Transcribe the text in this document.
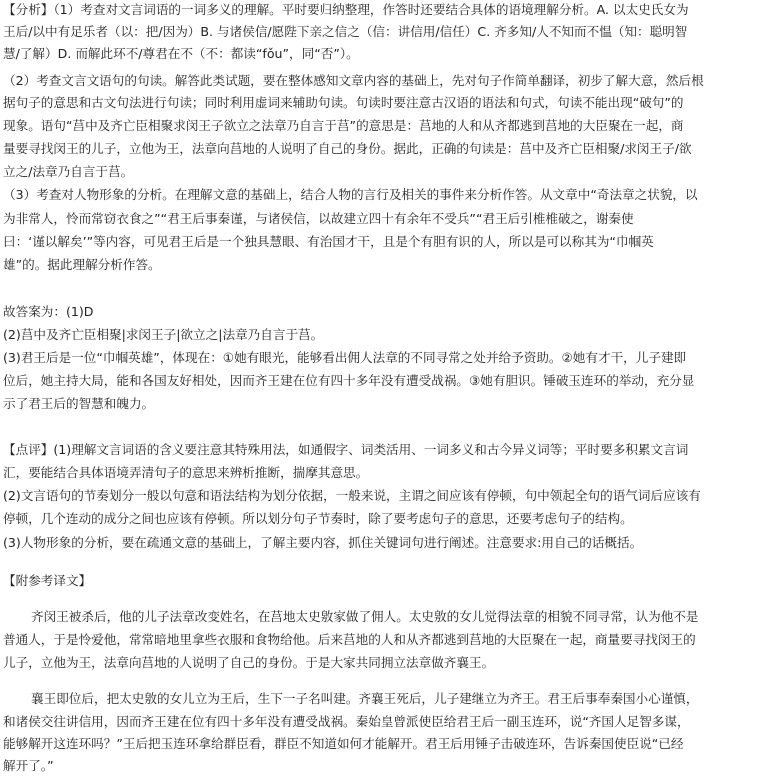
【分析】（1）考查对文言词语的一词多义的理解。平时要归纳整理，作答时还要结合具体的语境理解分析。A. 以太史氏女为
王后/以中有足乐者（以：把/因为）B. 与诸侯信/愿陛下亲之信之（信：讲信用/信任）C. 齐多知/人不知而不愠（知：聪明智
慧/了解）D. 而解此环不/尊君在不（不：都读“fǒu”，同“否”）。
（2）考查文言文语句的句读。解答此类试题，要在整体感知文章内容的基础上，先对句子作简单翻译，初步了解大意，然后根
据句子的意思和古文句法进行句读；同时利用虚词来辅助句读。句读时要注意古汉语的语法和句式，句读不能出现“破句”的
现象。语句“莒中及齐亡臣相聚求闵王子欲立之法章乃自言于莒”的意思是：莒地的人和从齐都逃到莒地的大臣聚在一起，商
量要寻找闵王的儿子，立他为王，法章向莒地的人说明了自己的身份。据此，正确的句读是：莒中及齐亡臣相聚/求闵王子/欲
立之/法章乃自言于莒。
（3）考查对人物形象的分析。在理解文意的基础上，结合人物的言行及相关的事件来分析作答。从文章中“奇法章之状貌，以
为非常人，怜而常窃衣食之”“君王后事秦谨，与诸侯信，以故建立四十有余年不受兵”“君王后引椎椎破之，谢秦使
曰：‘谨以解矣’”等内容，可见君王后是一个独具慧眼、有治国才干，且是个有胆有识的人，所以是可以称其为“巾帼英
雄”的。据此理解分析作答。
故答案为：(1)D
(2)莒中及齐亡臣相聚|求闵王子|欲立之|法章乃自言于莒。
(3)君王后是一位“巾帼英雄”，体现在：①她有眼光，能够看出佣人法章的不同寻常之处并给予资助。②她有才干，儿子建即
位后，她主持大局，能和各国友好相处，因而齐王建在位有四十多年没有遭受战祸。③她有胆识。锤破玉连环的举动，充分显
示了君王后的智慧和魄力。
【点评】(1)理解文言词语的含义要注意其特殊用法，如通假字、词类活用、一词多义和古今异义词等；平时要多积累文言词
汇，要能结合具体语境弄清句子的意思来辨析推断，揣摩其意思。
(2)文言语句的节奏划分一般以句意和语法结构为划分依据，一般来说，主谓之间应该有停顿，句中领起全句的语气词后应该有
停顿，几个连动的成分之间也应该有停顿。所以划分句子节奏时，除了要考虑句子的意思，还要考虑句子的结构。
(3)人物形象的分析，要在疏通文意的基础上，了解主要内容，抓住关键词句进行阐述。注意要求:用自己的话概括。
【附参考译文】
齐闵王被杀后，他的儿子法章改变姓名，在莒地太史敫家做了佣人。太史敫的女儿觉得法章的相貌不同寻常，认为他不是
普通人，于是怜爱他，常常暗地里拿些衣服和食物给他。后来莒地的人和从齐都逃到莒地的大臣聚在一起，商量要寻找闵王的
儿子，立他为王，法章向莒地的人说明了自己的身份。于是大家共同拥立法章做齐襄王。
襄王即位后，把太史敫的女儿立为王后，生下一子名叫建。齐襄王死后，儿子建继立为齐王。君王后事奉秦国小心谨慎，
和诸侯交往讲信用，因而齐王建在位有四十多年没有遭受战祸。秦始皇曾派使臣给君王后一副玉连环，说“齐国人足智多谋，
能够解开这连环吗？”王后把玉连环拿给群臣看，群臣不知道如何才能解开。君王后用锤子击破连环，告诉秦国使臣说“已经
解开了。”
